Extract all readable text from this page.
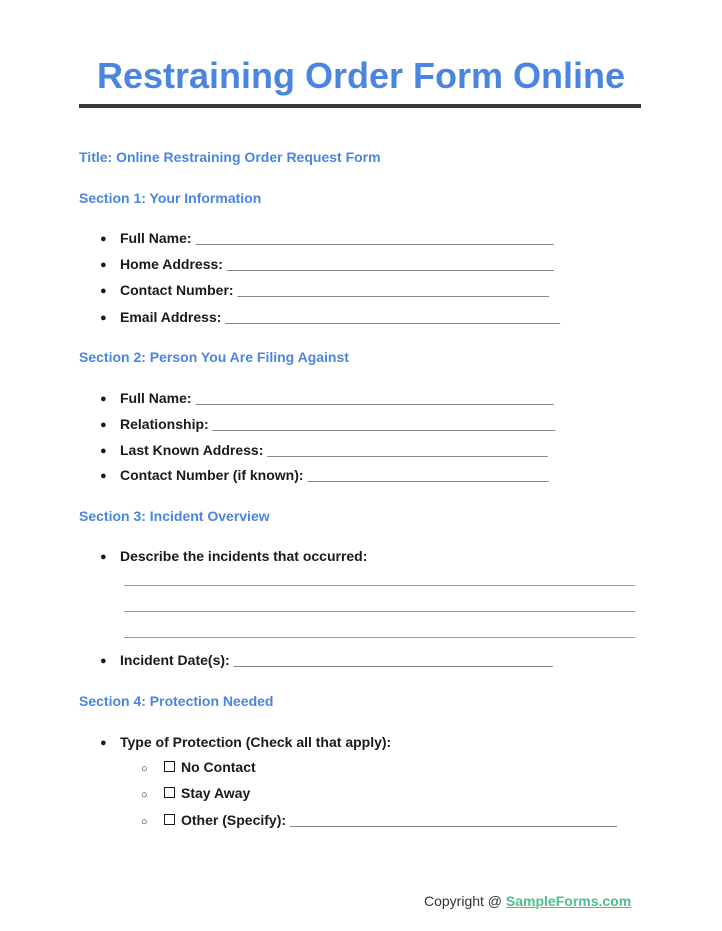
Restraining Order Form Online
Title: Online Restraining Order Request Form
Section 1: Your Information
● Full Name: ______________________________________________
● Home Address: __________________________________________
● Contact Number: ________________________________________
● Email Address: ___________________________________________
Section 2: Person You Are Filing Against
● Full Name: ______________________________________________
● Relationship: ____________________________________________
● Last Known Address: ____________________________________
● Contact Number (if known): _______________________________
Section 3: Incident Overview
● Describe the incidents that occurred:
● Incident Date(s): _________________________________________
Section 4: Protection Needed
● Type of Protection (Check all that apply):
○ No Contact
○ Stay Away
○ Other (Specify): __________________________________________
Copyright @ SampleForms.com
